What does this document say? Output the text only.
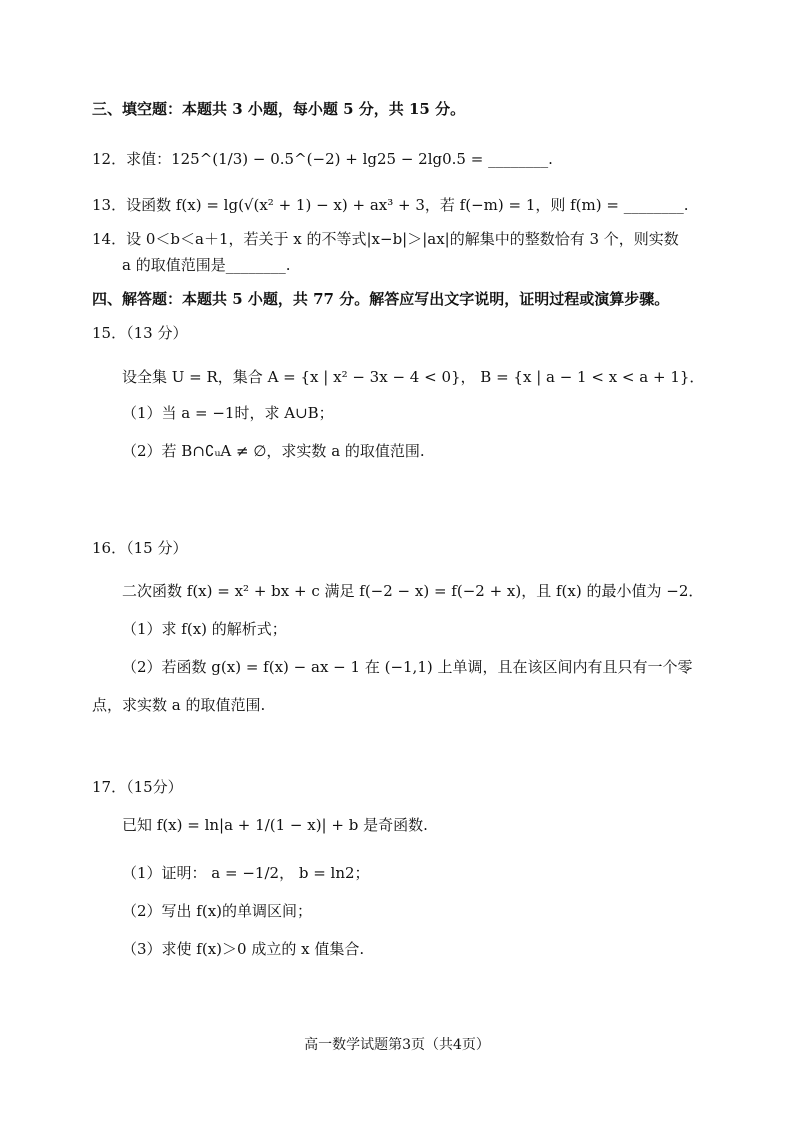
三、填空题：本题共 3 小题，每小题 5 分，共 15 分。
12．求值：125^(1/3) − 0.5^(−2) + lg25 − 2lg0.5 = ________.
13．设函数 f(x) = lg(√(x² + 1) − x) + ax³ + 3，若 f(−m) = 1，则 f(m) = ________.
14．设 0＜b＜a＋1，若关于 x 的不等式|x−b|＞|ax|的解集中的整数恰有 3 个，则实数
a 的取值范围是________.
四、解答题：本题共 5 小题，共 77 分。解答应写出文字说明，证明过程或演算步骤。
15．（13 分）
设全集 U = R，集合 A = {x | x² − 3x − 4 < 0}， B = {x | a − 1 < x < a + 1}．
（1）当 a = −1时，求 A∪B；
（2）若 B∩∁ᵤA ≠ ∅，求实数 a 的取值范围.
16．（15 分）
二次函数 f(x) = x² + bx + c 满足 f(−2 − x) = f(−2 + x)，且 f(x) 的最小值为 −2．
（1）求 f(x) 的解析式；
（2）若函数 g(x) = f(x) − ax − 1 在 (−1,1) 上单调，且在该区间内有且只有一个零
点，求实数 a 的取值范围.
17．（15分）
已知 f(x) = ln|a + 1/(1 − x)| + b 是奇函数.
（1）证明： a = −1/2， b = ln2；
（2）写出 f(x)的单调区间；
（3）求使 f(x)＞0 成立的 x 值集合.
高一数学试题第3页（共4页）
